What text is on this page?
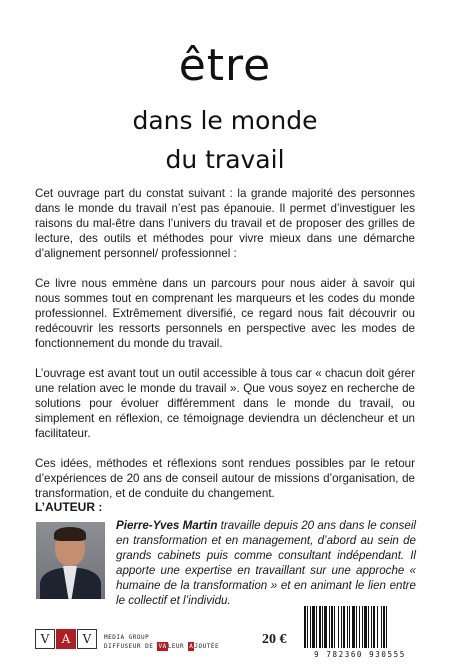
être
dans le monde
du travail

Cet ouvrage part du constat suivant : la grande majorité des personnes dans le monde du travail n’est pas épanouie. Il permet d’investiguer les raisons du mal-être dans l’univers du travail et de proposer des grilles de lecture, des outils et méthodes pour vivre mieux dans une démarche d’alignement personnel/ professionnel :

Ce livre nous emmène dans un parcours pour nous aider à savoir qui nous sommes tout en comprenant les marqueurs et les codes du monde professionnel. Extrêmement diversifié, ce regard nous fait découvrir ou redécouvrir les ressorts personnels en perspective avec les modes de fonctionnement du monde du travail.

L’ouvrage est avant tout un outil accessible à tous car « chacun doit gérer une relation avec le monde du travail ». Que vous soyez en recherche de solutions pour évoluer différemment dans le monde du travail, ou simplement en réflexion, ce témoignage deviendra un déclencheur et un facilitateur.

Ces idées, méthodes et réflexions sont rendues possibles par le retour d’expériences de 20 ans de conseil autour de missions d’organisation, de transformation, et de conduite du changement.

L’AUTEUR :
Pierre-Yves Martin travaille depuis 20 ans dans le conseil en transformation et en management, d’abord au sein de grands cabinets puis comme consultant indépendant. Il apporte une expertise en travaillant sur une approche « humaine de la transformation » et en animant le lien entre le collectif et l’individu.
V	A	V	MEDIA GROUP
DIFFUSEUR DE VALEUR AJOUTÉE	20 €
9 782360 930555
